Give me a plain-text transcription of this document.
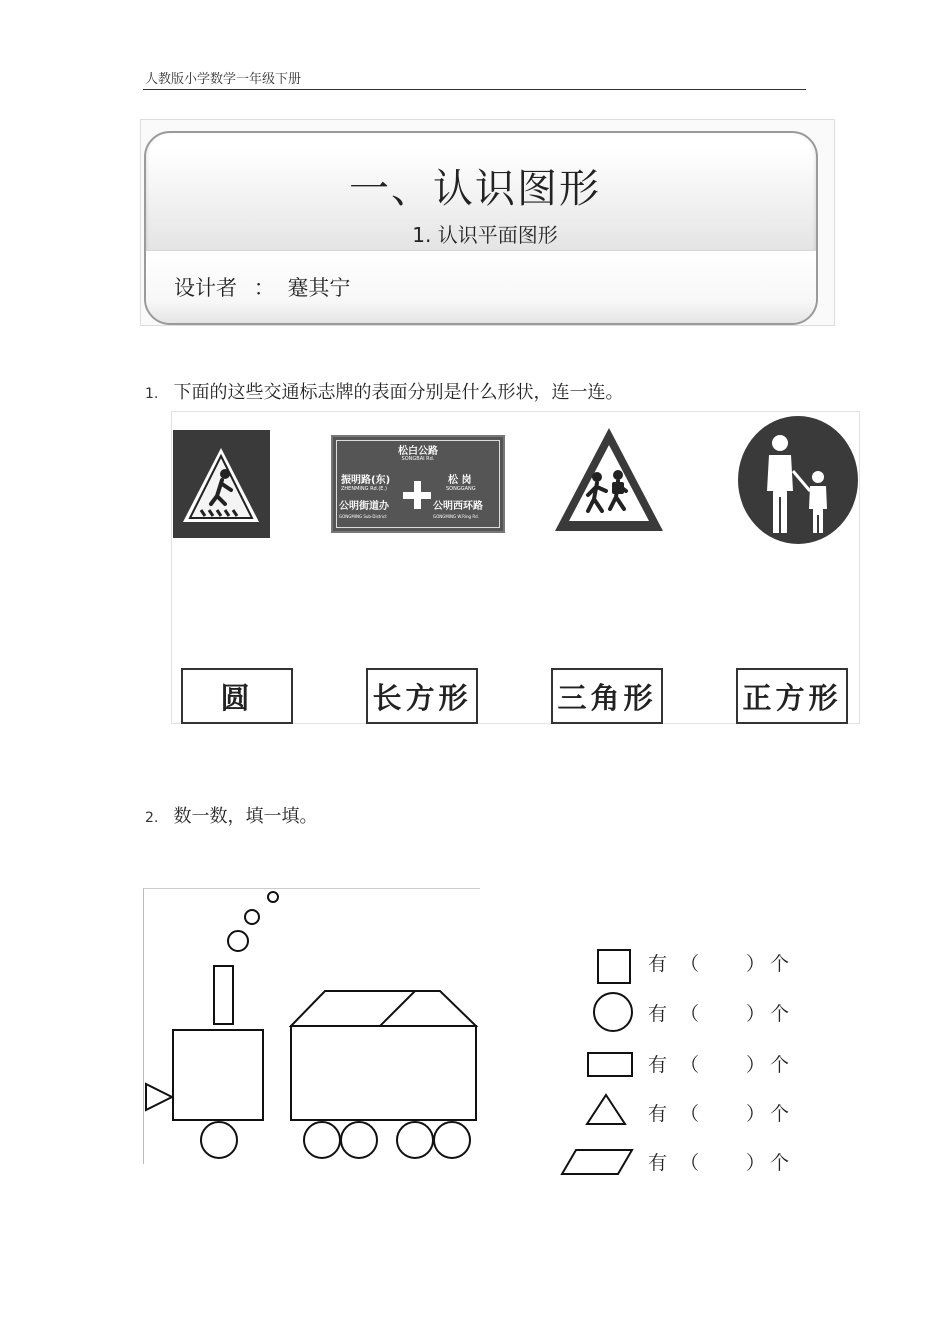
人教版小学数学一年级下册
一、认识图形
1. 认识平面图形
设计者 ： 蹇其宁
1. 下面的这些交通标志牌的表面分别是什么形状，连一连。
松白公路
SONGBAI Rd.
振明路(东)
ZHENMING Rd.(E.)
公明街道办
GONGMING Sub-District
松 岗
SONGGANG
公明西环路
GONGMING W.Ring Rd.
圆	长方形	三角形	正方形
2. 数一数，填一填。
有 （ ） 个
有 （ ） 个
有 （ ） 个
有 （ ） 个
有 （ ） 个
